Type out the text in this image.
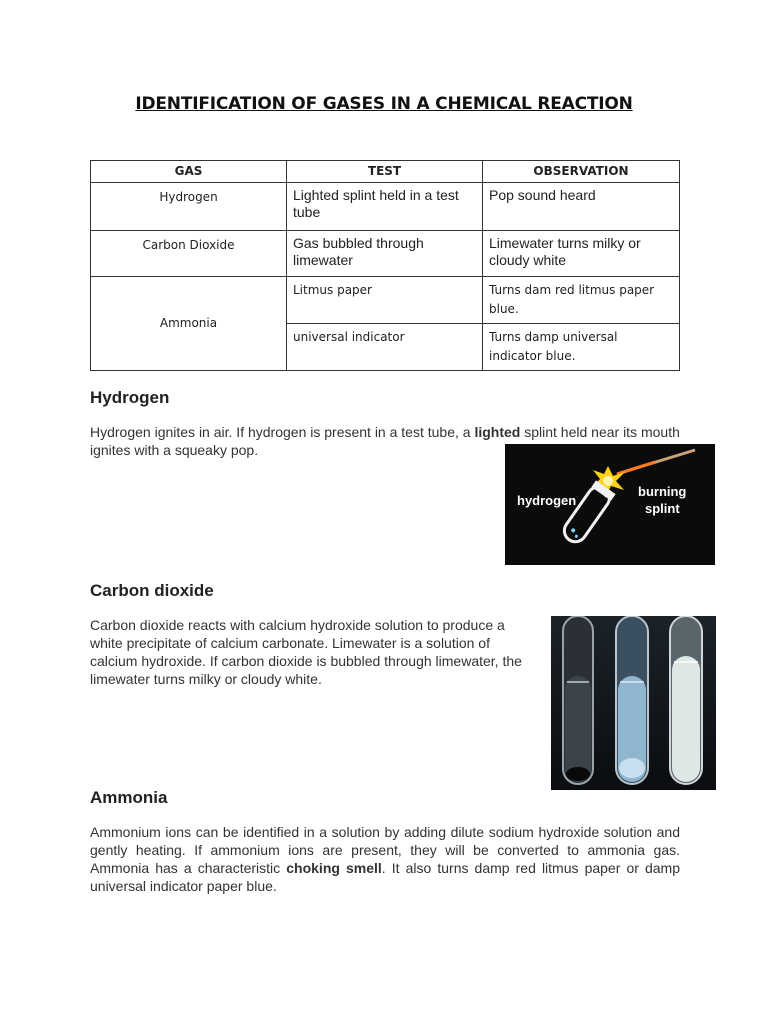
IDENTIFICATION OF GASES IN A CHEMICAL REACTION
GAS	TEST	OBSERVATION
Hydrogen	Lighted splint held in a test tube	Pop sound heard
Carbon Dioxide	Gas bubbled through limewater	Limewater turns milky or cloudy white
Ammonia	Litmus paper	Turns dam red litmus paper blue.
	universal indicator	Turns damp universal indicator blue.
Hydrogen
Hydrogen ignites in air. If hydrogen is present in a test tube, a lighted splint held near its mouth ignites with a squeaky pop.
hydrogen
burning
splint
Carbon dioxide
Carbon dioxide reacts with calcium hydroxide solution to produce a white precipitate of calcium carbonate. Limewater is a solution of calcium hydroxide. If carbon dioxide is bubbled through limewater, the limewater turns milky or cloudy white.
Ammonia
Ammonium ions can be identified in a solution by adding dilute sodium hydroxide solution and gently heating. If ammonium ions are present, they will be converted to ammonia gas. Ammonia has a characteristic choking smell. It also turns damp red litmus paper or damp universal indicator paper blue.
